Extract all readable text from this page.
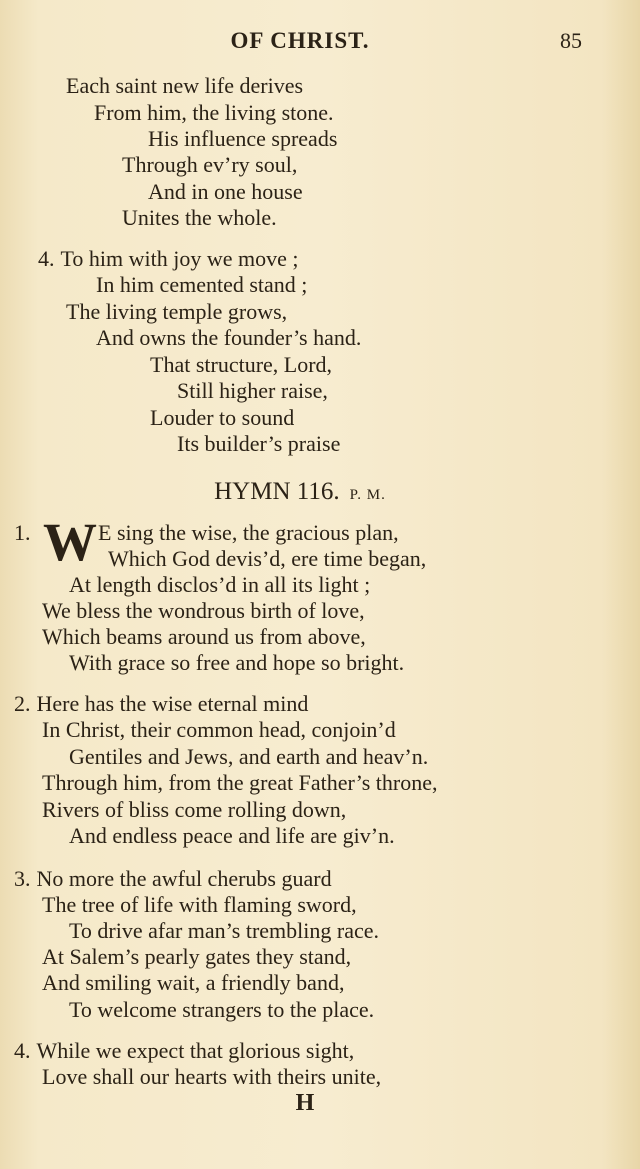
OF CHRIST.	85
Each saint new life derives
From him, the living stone.
His influence spreads
Through ev’ry soul,
And in one house
Unites the whole.
4. To him with joy we move ;
In him cemented stand ;
The living temple grows,
And owns the founder’s hand.
That structure, Lord,
Still higher raise,
Louder to sound
Its builder’s praise
HYMN 116. P. M.
1. W E sing the wise, the gracious plan,
Which God devis’d, ere time began,
At length disclos’d in all its light ;
We bless the wondrous birth of love,
Which beams around us from above,
With grace so free and hope so bright.
2. Here has the wise eternal mind
In Christ, their common head, conjoin’d
Gentiles and Jews, and earth and heav’n.
Through him, from the great Father’s throne,
Rivers of bliss come rolling down,
And endless peace and life are giv’n.
3. No more the awful cherubs guard
The tree of life with flaming sword,
To drive afar man’s trembling race.
At Salem’s pearly gates they stand,
And smiling wait, a friendly band,
To welcome strangers to the place.
4. While we expect that glorious sight,
Love shall our hearts with theirs unite,
H
